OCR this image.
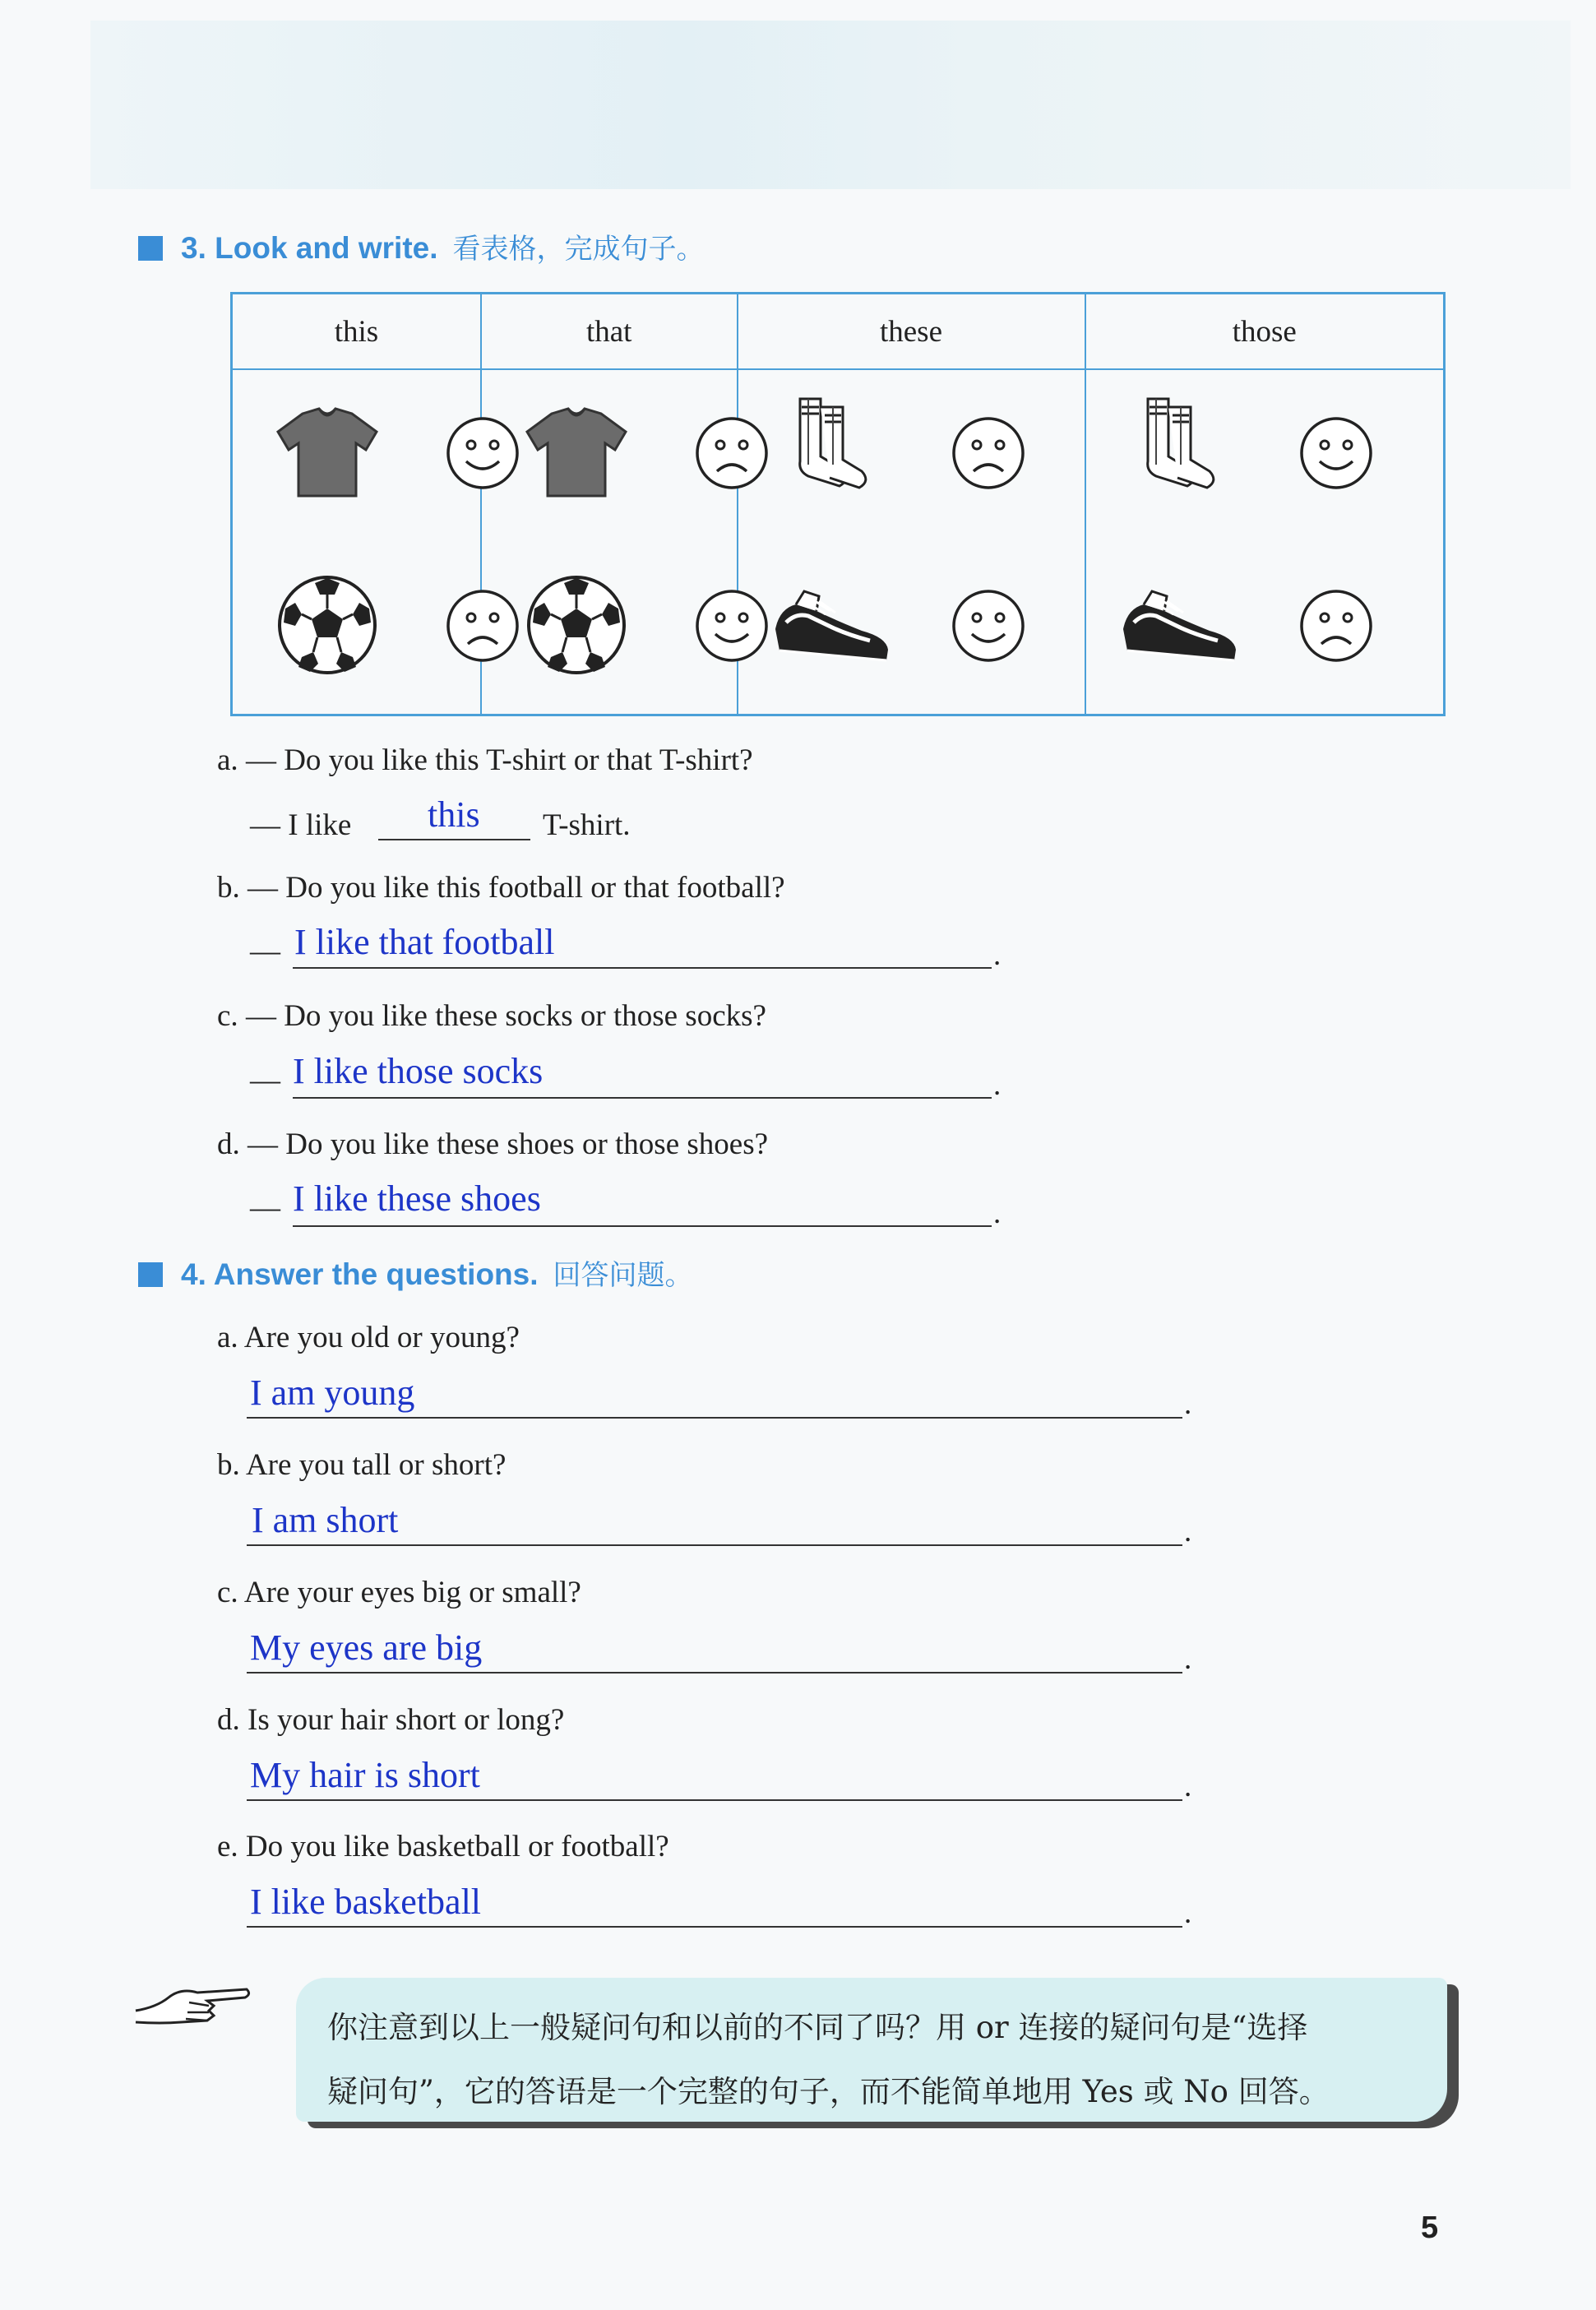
3. Look and write. 看表格，完成句子。
this	that	these	those

a. — Do you like this T-shirt or that T-shirt?
— I like this T-shirt.
b. — Do you like this football or that football?
— I like that football	.
c. — Do you like these socks or those socks?
— I like those socks	.
d. — Do you like these shoes or those shoes?
— I like these shoes	.
4. Answer the questions. 回答问题。
a. Are you old or young?
I am young	.
b. Are you tall or short?
I am short	.
c. Are your eyes big or small?
My eyes are big	.
d. Is your hair short or long?
My hair is short	.
e. Do you like basketball or football?
I like basketball	.
你注意到以上一般疑问句和以前的不同了吗？用 or 连接的疑问句是“选择
疑问句”，它的答语是一个完整的句子，而不能简单地用 Yes 或 No 回答。
5
